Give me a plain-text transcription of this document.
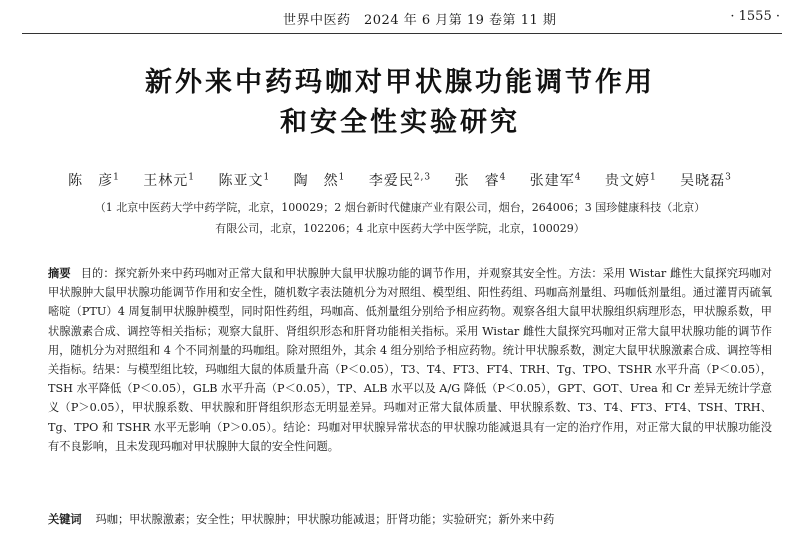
世界中医药　2024 年 6 月第 19 卷第 11 期	· 1555 ·
新外来中药玛咖对甲状腺功能调节作用
和安全性实验研究
陈　彦$^1$ 王林元$^1$ 陈亚文$^1$ 陶　然$^1$ 李爱民$^{2,3}$ 张　睿$^4$ 张建军$^4$ 贵文婷$^1$ 吴晓磊$^3$
（1 北京中医药大学中药学院，北京，100029；2 烟台新时代健康产业有限公司，烟台，264006；3 国珍健康科技（北京）
有限公司，北京，102206；4 北京中医药大学中医学院，北京，100029）
摘要 目的：探究新外来中药玛咖对正常大鼠和甲状腺肿大鼠甲状腺功能的调节作用，并观察其安全性。方法：采用 Wistar 雌性大鼠探究玛咖对甲状腺肿大鼠甲状腺功能调节作用和安全性，随机数字表法随机分为对照组、模型组、阳性药组、玛咖高剂量组、玛咖低剂量组。通过灌胃丙硫氧嘧啶（PTU）4 周复制甲状腺肿模型，同时阳性药组，玛咖高、低剂量组分别给予相应药物。观察各组大鼠甲状腺组织病理形态，甲状腺系数，甲状腺激素合成、调控等相关指标；观察大鼠肝、肾组织形态和肝肾功能相关指标。采用 Wistar 雌性大鼠探究玛咖对正常大鼠甲状腺功能的调节作用，随机分为对照组和 4 个不同剂量的玛咖组。除对照组外，其余 4 组分别给予相应药物。统计甲状腺系数，测定大鼠甲状腺激素合成、调控等相关指标。结果：与模型组比较，玛咖组大鼠的体质量升高（P＜0.05），T3、T4、FT3、FT4、TRH、Tg、TPO、TSHR 水平升高（P＜0.05），TSH 水平降低（P＜0.05），GLB 水平升高（P＜0.05），TP、ALB 水平以及 A/G 降低（P＜0.05），GPT、GOT、Urea 和 Cr 差异无统计学意义（P＞0.05），甲状腺系数、甲状腺和肝肾组织形态无明显差异。玛咖对正常大鼠体质量、甲状腺系数、T3、T4、FT3、FT4、TSH、TRH、Tg、TPO 和 TSHR 水平无影响（P＞0.05）。结论：玛咖对甲状腺异常状态的甲状腺功能减退具有一定的治疗作用，对正常大鼠的甲状腺功能没有不良影响，且未发现玛咖对甲状腺肿大鼠的安全性问题。
关键词 玛咖；甲状腺激素；安全性；甲状腺肿；甲状腺功能减退；肝肾功能；实验研究；新外来中药
